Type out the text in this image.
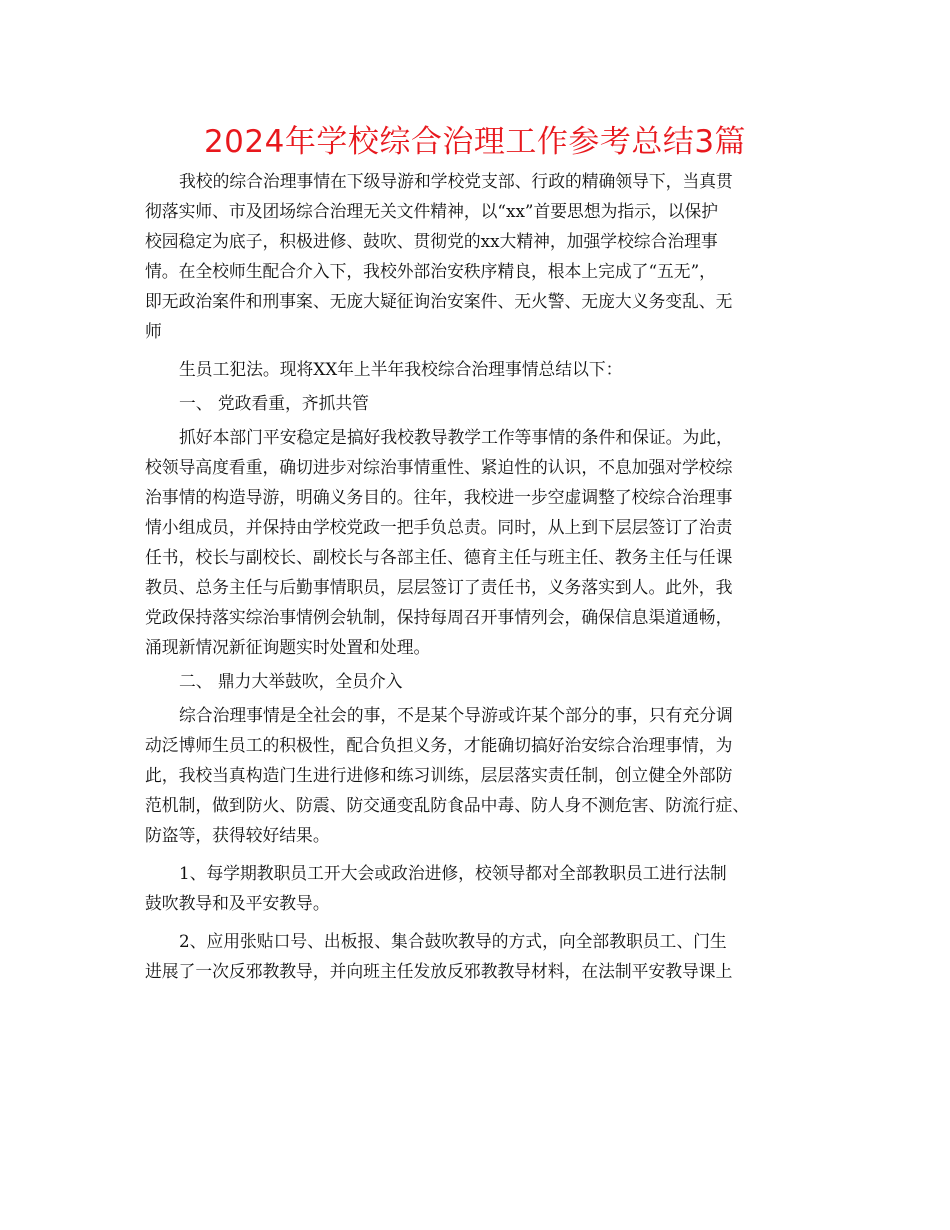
2024年学校综合治理工作参考总结3篇

我校的综合治理事情在下级导游和学校党支部、行政的精确领导下，当真贯
彻落实师、市及团场综合治理无关文件精神，以“xx”首要思想为指示，以保护
校园稳定为底子，积极进修、鼓吹、贯彻党的xx大精神，加强学校综合治理事
情。在全校师生配合介入下，我校外部治安秩序精良，根本上完成了“五无”，
即无政治案件和刑事案、无庞大疑征询治安案件、无火警、无庞大义务变乱、无
师

生员工犯法。现将XX年上半年我校综合治理事情总结以下：

一、 党政看重，齐抓共管

抓好本部门平安稳定是搞好我校教导教学工作等事情的条件和保证。为此，
校领导高度看重，确切进步对综治事情重性、紧迫性的认识，不息加强对学校综
治事情的构造导游，明确义务目的。往年，我校进一步空虚调整了校综合治理事
情小组成员，并保持由学校党政一把手负总责。同时，从上到下层层签订了治责
任书，校长与副校长、副校长与各部主任、德育主任与班主任、教务主任与任课
教员、总务主任与后勤事情职员，层层签订了责任书，义务落实到人。此外，我
党政保持落实综治事情例会轨制，保持每周召开事情列会，确保信息渠道通畅，
涌现新情况新征询题实时处置和处理。

二、 鼎力大举鼓吹，全员介入

综合治理事情是全社会的事，不是某个导游或许某个部分的事，只有充分调
动泛博师生员工的积极性，配合负担义务，才能确切搞好治安综合治理事情，为
此，我校当真构造门生进行进修和练习训练，层层落实责任制，创立健全外部防
范机制，做到防火、防震、防交通变乱防食品中毒、防人身不测危害、防流行症、
防盗等，获得较好结果。

1、每学期教职员工开大会或政治进修，校领导都对全部教职员工进行法制
鼓吹教导和及平安教导。

2、应用张贴口号、出板报、集合鼓吹教导的方式，向全部教职员工、门生
进展了一次反邪教教导，并向班主任发放反邪教教导材料，在法制平安教导课上
